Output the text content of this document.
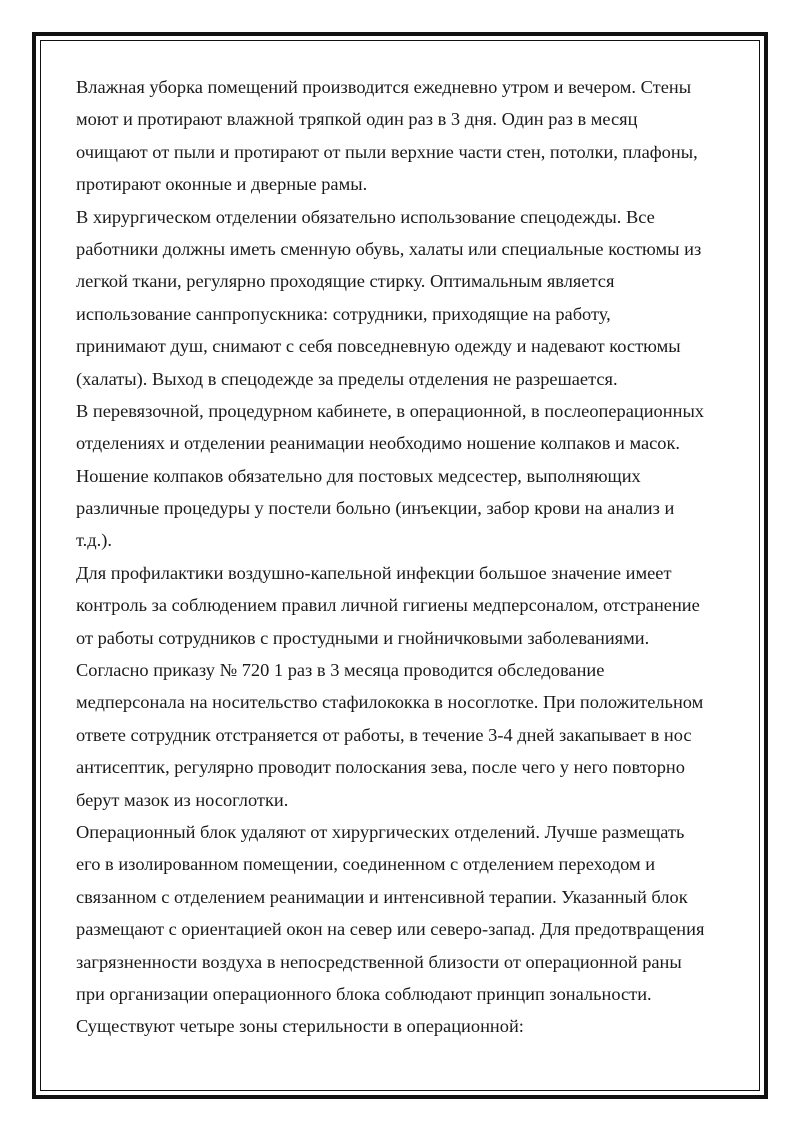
Влажная уборка помещений производится ежедневно утром и вечером. Стены
моют и протирают влажной тряпкой один раз в 3 дня. Один раз в месяц
очищают от пыли и протирают от пыли верхние части стен, потолки, плафоны,
протирают оконные и дверные рамы.
В хирургическом отделении обязательно использование спецодежды. Все
работники должны иметь сменную обувь, халаты или специальные костюмы из
легкой ткани, регулярно проходящие стирку. Оптимальным является
использование санпропускника: сотрудники, приходящие на работу,
принимают душ, снимают с себя повседневную одежду и надевают костюмы
(халаты). Выход в спецодежде за пределы отделения не разрешается.
В перевязочной, процедурном кабинете, в операционной, в послеоперационных
отделениях и отделении реанимации необходимо ношение колпаков и масок.
Ношение колпаков обязательно для постовых медсестер, выполняющих
различные процедуры у постели больно (инъекции, забор крови на анализ и
т.д.).
Для профилактики воздушно-капельной инфекции большое значение имеет
контроль за соблюдением правил личной гигиены медперсоналом, отстранение
от работы сотрудников с простудными и гнойничковыми заболеваниями.
Согласно приказу № 720 1 раз в 3 месяца проводится обследование
медперсонала на носительство стафилококка в носоглотке. При положительном
ответе сотрудник отстраняется от работы, в течение 3-4 дней закапывает в нос
антисептик, регулярно проводит полоскания зева, после чего у него повторно
берут мазок из носоглотки.
Операционный блок удаляют от хирургических отделений. Лучше размещать
его в изолированном помещении, соединенном с отделением переходом и
связанном с отделением реанимации и интенсивной терапии. Указанный блок
размещают с ориентацией окон на север или северо-запад. Для предотвращения
загрязненности воздуха в непосредственной близости от операционной раны
при организации операционного блока соблюдают принцип зональности.
Существуют четыре зоны стерильности в операционной:
